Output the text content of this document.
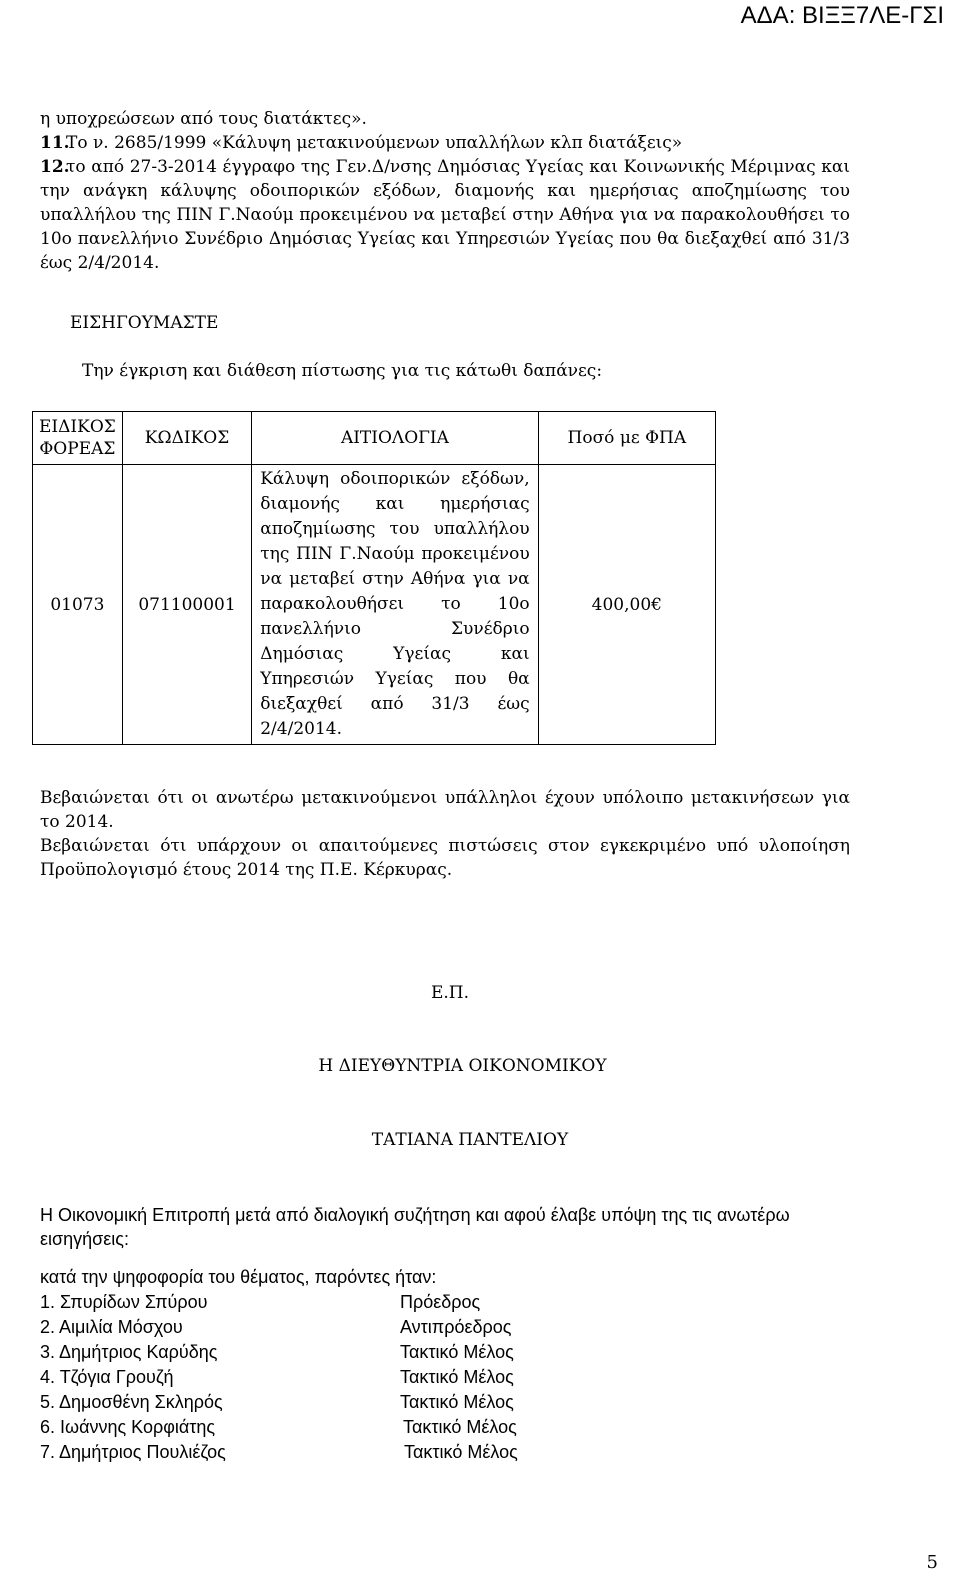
ΑΔΑ: ΒΙΞΞ7ΛΕ-ΓΣΙ

η υποχρεώσεων από τους διατάκτες».

11.Το ν. 2685/1999 «Κάλυψη μετακινούμενων υπαλλήλων κλπ διατάξεις»

12.το από 27-3-2014 έγγραφο της Γεν.Δ/νσης Δημόσιας Υγείας και Κοινωνικής Μέριμνας και την ανάγκη κάλυψης οδοιπορικών εξόδων, διαμονής και ημερήσιας αποζημίωσης του υπαλλήλου της ΠΙΝ Γ.Ναούμ προκειμένου να μεταβεί στην Αθήνα για να παρακολουθήσει το 10ο πανελλήνιο Συνέδριο Δημόσιας Υγείας και Υπηρεσιών Υγείας που θα διεξαχθεί από 31/3 έως 2/4/2014.

ΕΙΣΗΓΟΥΜΑΣΤΕ
Την έγκριση και διάθεση πίστωσης για τις κάτωθι δαπάνες:
ΕΙΔΙΚΟΣ ΦΟΡΕΑΣ	ΚΩΔΙΚΟΣ	ΑΙΤΙΟΛΟΓΙΑ	Ποσό με ΦΠΑ
01073	071100001	Κάλυψη οδοιπορικών εξόδων, διαμονής και ημερήσιας αποζημίωσης του υπαλλήλου της ΠΙΝ Γ.Ναούμ προκειμένου να μεταβεί στην Αθήνα για να παρακολουθήσει το 10ο πανελλήνιο Συνέδριο Δημόσιας Υγείας και Υπηρεσιών Υγείας που θα διεξαχθεί από 31/3 έως 2/4/2014.	400,00€

Βεβαιώνεται ότι οι ανωτέρω μετακινούμενοι υπάλληλοι έχουν υπόλοιπο μετακινήσεων για το 2014.

Βεβαιώνεται ότι υπάρχουν οι απαιτούμενες πιστώσεις στον εγκεκριμένο υπό υλοποίηση Προϋπολογισμό έτους 2014 της Π.Ε. Κέρκυρας.

Ε.Π.
Η ΔΙΕΥΘΥΝΤΡΙΑ ΟΙΚΟΝΟΜΙΚΟΥ
ΤΑΤΙΑΝΑ ΠΑΝΤΕΛΙΟΥ
Η Οικονομική Επιτροπή μετά από διαλογική συζήτηση και αφού έλαβε υπόψη της τις ανωτέρω εισηγήσεις:
κατά την ψηφοφορία του θέματος, παρόντες ήταν:
1. Σπυρίδων Σπύρου	Πρόεδρος
2. Αιμιλία Μόσχου	Αντιπρόεδρος
3. Δημήτριος Καρύδης	Τακτικό Μέλος
4. Τζόγια Γρουζή	Τακτικό Μέλος
5. Δημοσθένη Σκληρός	Τακτικό Μέλος
6. Ιωάννης Κορφιάτης	Τακτικό Μέλος
7. Δημήτριος Πουλιέζος	Τακτικό Μέλος
5
